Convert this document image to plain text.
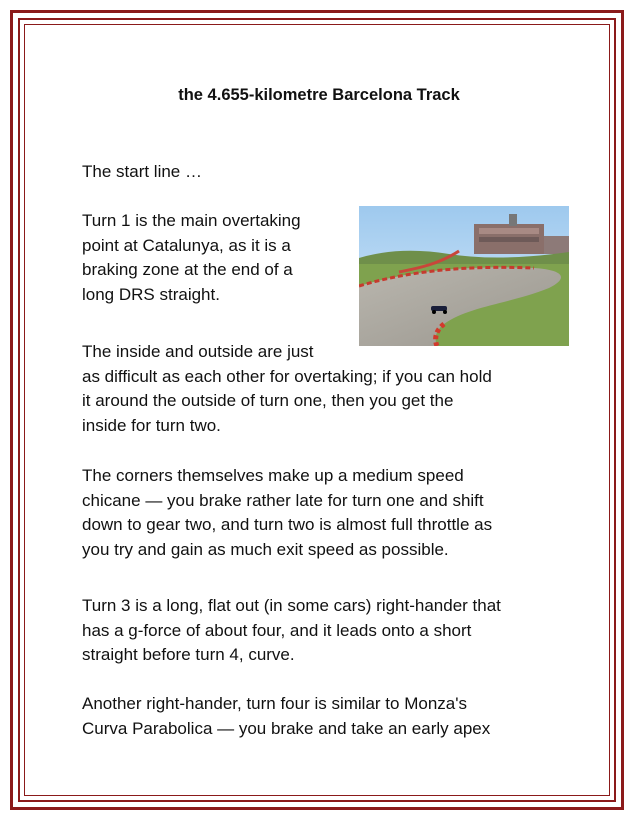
the 4.655-kilometre Barcelona Track

The start line …

Turn 1 is the main overtaking

point at Catalunya, as it is a

braking zone at the end of a

long DRS straight.

The inside and outside are just

as difficult as each other for overtaking; if you can hold

it around the outside of turn one, then you get the

inside for turn two.

The corners themselves make up a medium speed

chicane — you brake rather late for turn one and shift

down to gear two, and turn two is almost full throttle as

you try and gain as much exit speed as possible.

Turn 3 is a long, flat out (in some cars) right-hander that

has a g-force of about four, and it leads onto a short

straight before turn 4, curve.

Another right-hander, turn four is similar to Monza's

Curva Parabolica — you brake and take an early apex
